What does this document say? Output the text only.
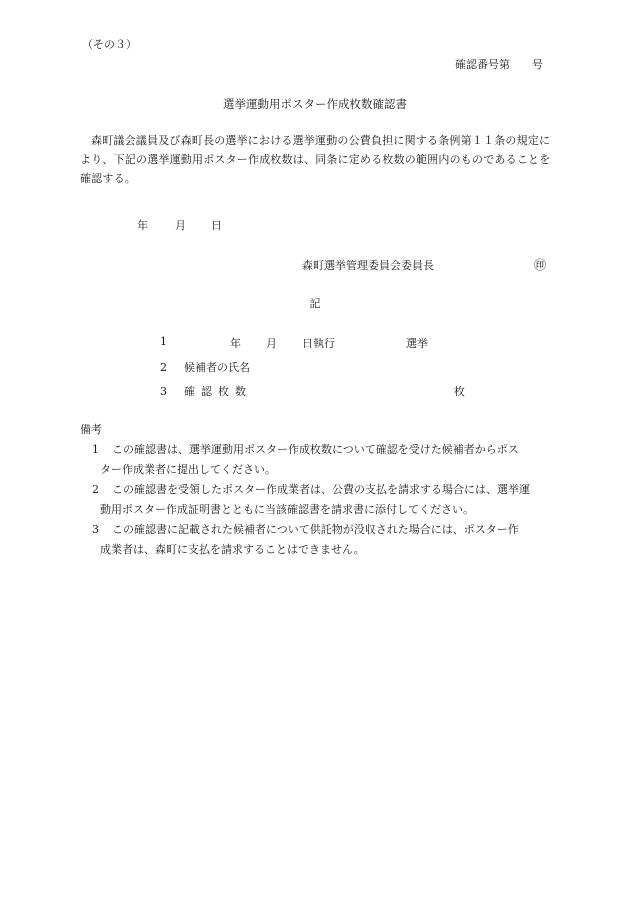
（その３）
確認番号第 号
選挙運動用ポスター作成枚数確認書
森町議会議員及び森町長の選挙における選挙運動の公費負担に関する条例第１１条の規定により、下記の選挙運動用ポスター作成枚数は、同条に定める枚数の範囲内のものであることを確認する。
年 月 日
森町選挙管理委員会委員長	㊞
記
1	年 月 日執行	選挙
2 候補者の氏名
3 確認枚数	枚
備考
1	この確認書は、選挙運動用ポスター作成枚数について確認を受けた候補者からポス
ター作成業者に提出してください。
2	この確認書を受領したポスター作成業者は、公費の支払を請求する場合には、選挙運
動用ポスター作成証明書とともに当該確認書を請求書に添付してください。
3	この確認書に記載された候補者について供託物が没収された場合には、ポスター作
成業者は、森町に支払を請求することはできません。
